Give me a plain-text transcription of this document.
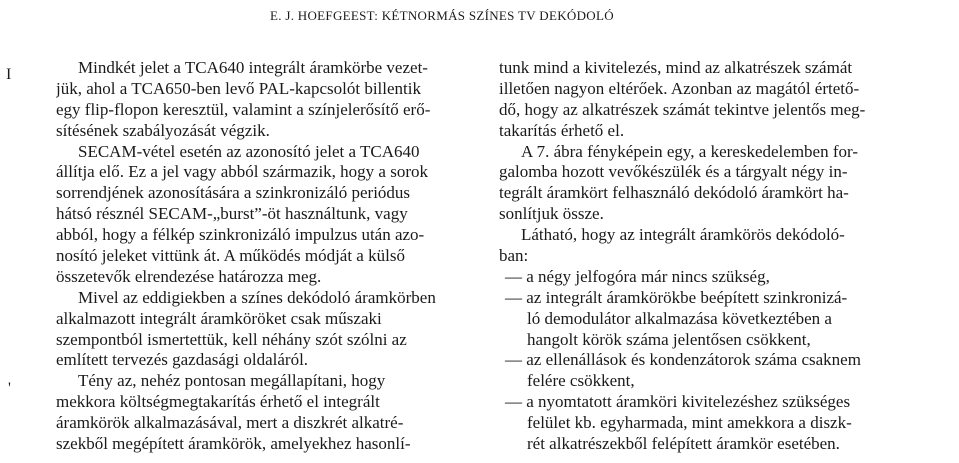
E. J. HOEFGEEST: KÉTNORMÁS SZÍNES TV DEKÓDOLÓ
I
'
Mindkét jelet a TCA640 integrált áramkörbe vezet-
jük, ahol a TCA650-ben levő PAL-kapcsolót billentik
egy flip-flopon keresztül, valamint a színjelerősítő erő-
sítésének szabályozását végzik.
SECAM-vétel esetén az azonosító jelet a TCA640
állítja elő. Ez a jel vagy abból származik, hogy a sorok
sorrendjének azonosítására a szinkronizáló periódus
hátsó résznél SECAM-„burst”-öt használtunk, vagy
abból, hogy a félkép szinkronizáló impulzus után azo-
nosító jeleket vittünk át. A működés módját a külső
összetevők elrendezése határozza meg.
Mivel az eddigiekben a színes dekódoló áramkörben
alkalmazott integrált áramköröket csak műszaki
szempontból ismertettük, kell néhány szót szólni az
említett tervezés gazdasági oldaláról.
Tény az, nehéz pontosan megállapítani, hogy
mekkora költségmegtakarítás érhető el integrált
áramkörök alkalmazásával, mert a diszkrét alkatré-
szekből megépített áramkörök, amelyekhez hasonlí-
tunk mind a kivitelezés, mind az alkatrészek számát
illetően nagyon eltérőek. Azonban az magától értető-
dő, hogy az alkatrészek számát tekintve jelentős meg-
takarítás érhető el.
A 7. ábra fényképein egy, a kereskedelemben for-
galomba hozott vevőkészülék és a tárgyalt négy in-
tegrált áramkört felhasználó dekódoló áramkört ha-
sonlítjuk össze.
Látható, hogy az integrált áramkörös dekódoló-
ban:
— a négy jelfogóra már nincs szükség,
— az integrált áramkörökbe beépített szinkronizá-
ló demodulátor alkalmazása következtében a
hangolt körök száma jelentősen csökkent,
— az ellenállások és kondenzátorok száma csaknem
felére csökkent,
— a nyomtatott áramköri kivitelezéshez szükséges
felület kb. egyharmada, mint amekkora a diszk-
rét alkatrészekből felépített áramkör esetében.
